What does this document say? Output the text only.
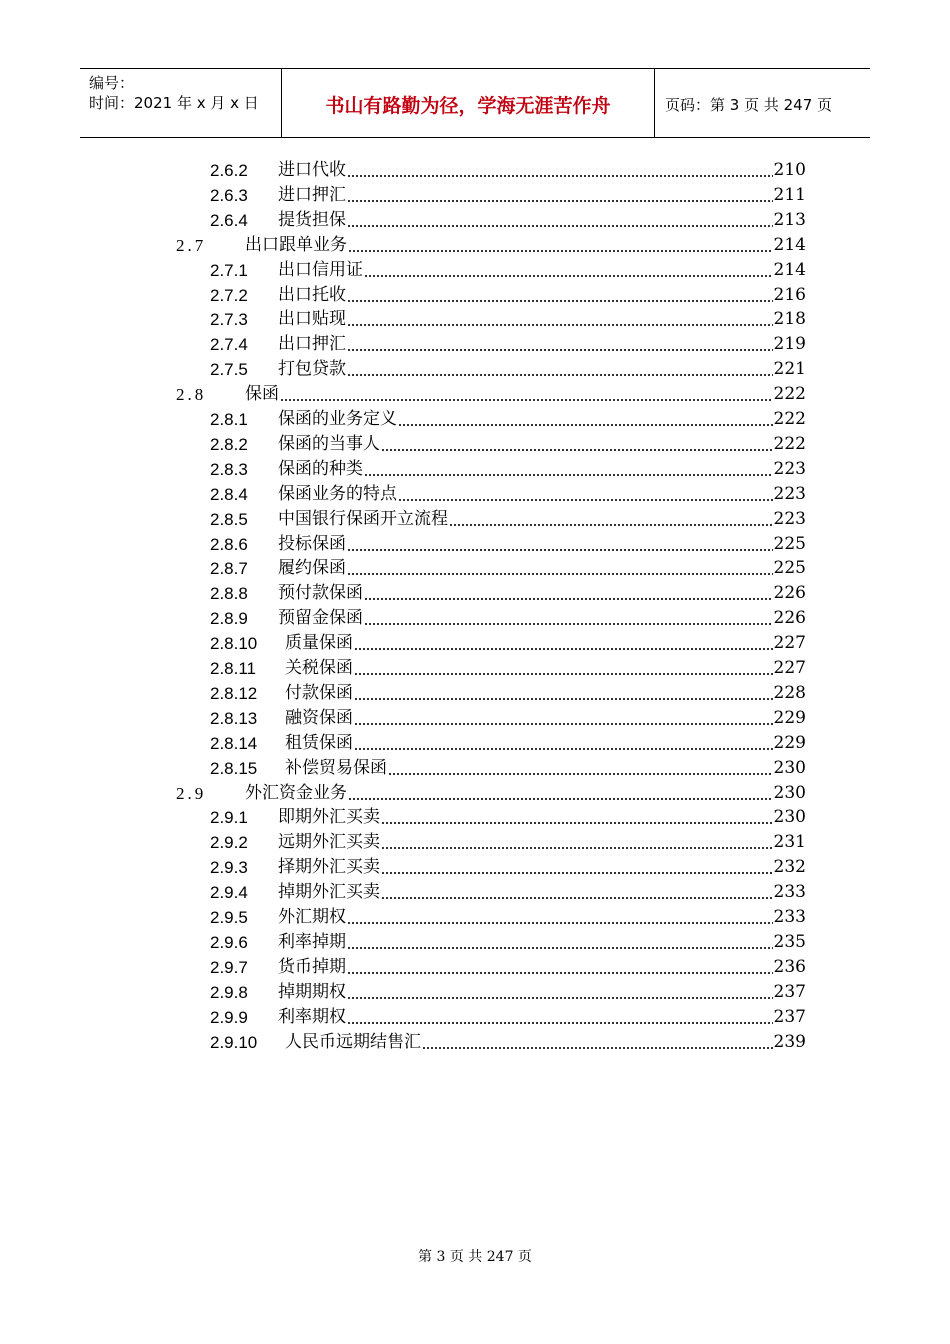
编号：
时间：2021 年 x 月 x 日	书山有路勤为径，学海无涯苦作舟	页码：第 3 页 共 247 页
2.6.2 进口代收	210
2.6.3 进口押汇	211
2.6.4 提货担保	213
2.7 出口跟单业务	214
2.7.1 出口信用证	214
2.7.2 出口托收	216
2.7.3 出口贴现	218
2.7.4 出口押汇	219
2.7.5 打包贷款	221
2.8 保函	222
2.8.1 保函的业务定义	222
2.8.2 保函的当事人	222
2.8.3 保函的种类	223
2.8.4 保函业务的特点	223
2.8.5 中国银行保函开立流程	223
2.8.6 投标保函	225
2.8.7 履约保函	225
2.8.8 预付款保函	226
2.8.9 预留金保函	226
2.8.10 质量保函	227
2.8.11 关税保函	227
2.8.12 付款保函	228
2.8.13 融资保函	229
2.8.14 租赁保函	229
2.8.15 补偿贸易保函	230
2.9 外汇资金业务	230
2.9.1 即期外汇买卖	230
2.9.2 远期外汇买卖	231
2.9.3 择期外汇买卖	232
2.9.4 掉期外汇买卖	233
2.9.5 外汇期权	233
2.9.6 利率掉期	235
2.9.7 货币掉期	236
2.9.8 掉期期权	237
2.9.9 利率期权	237
2.9.10 人民币远期结售汇	239
第 3 页 共 247 页
